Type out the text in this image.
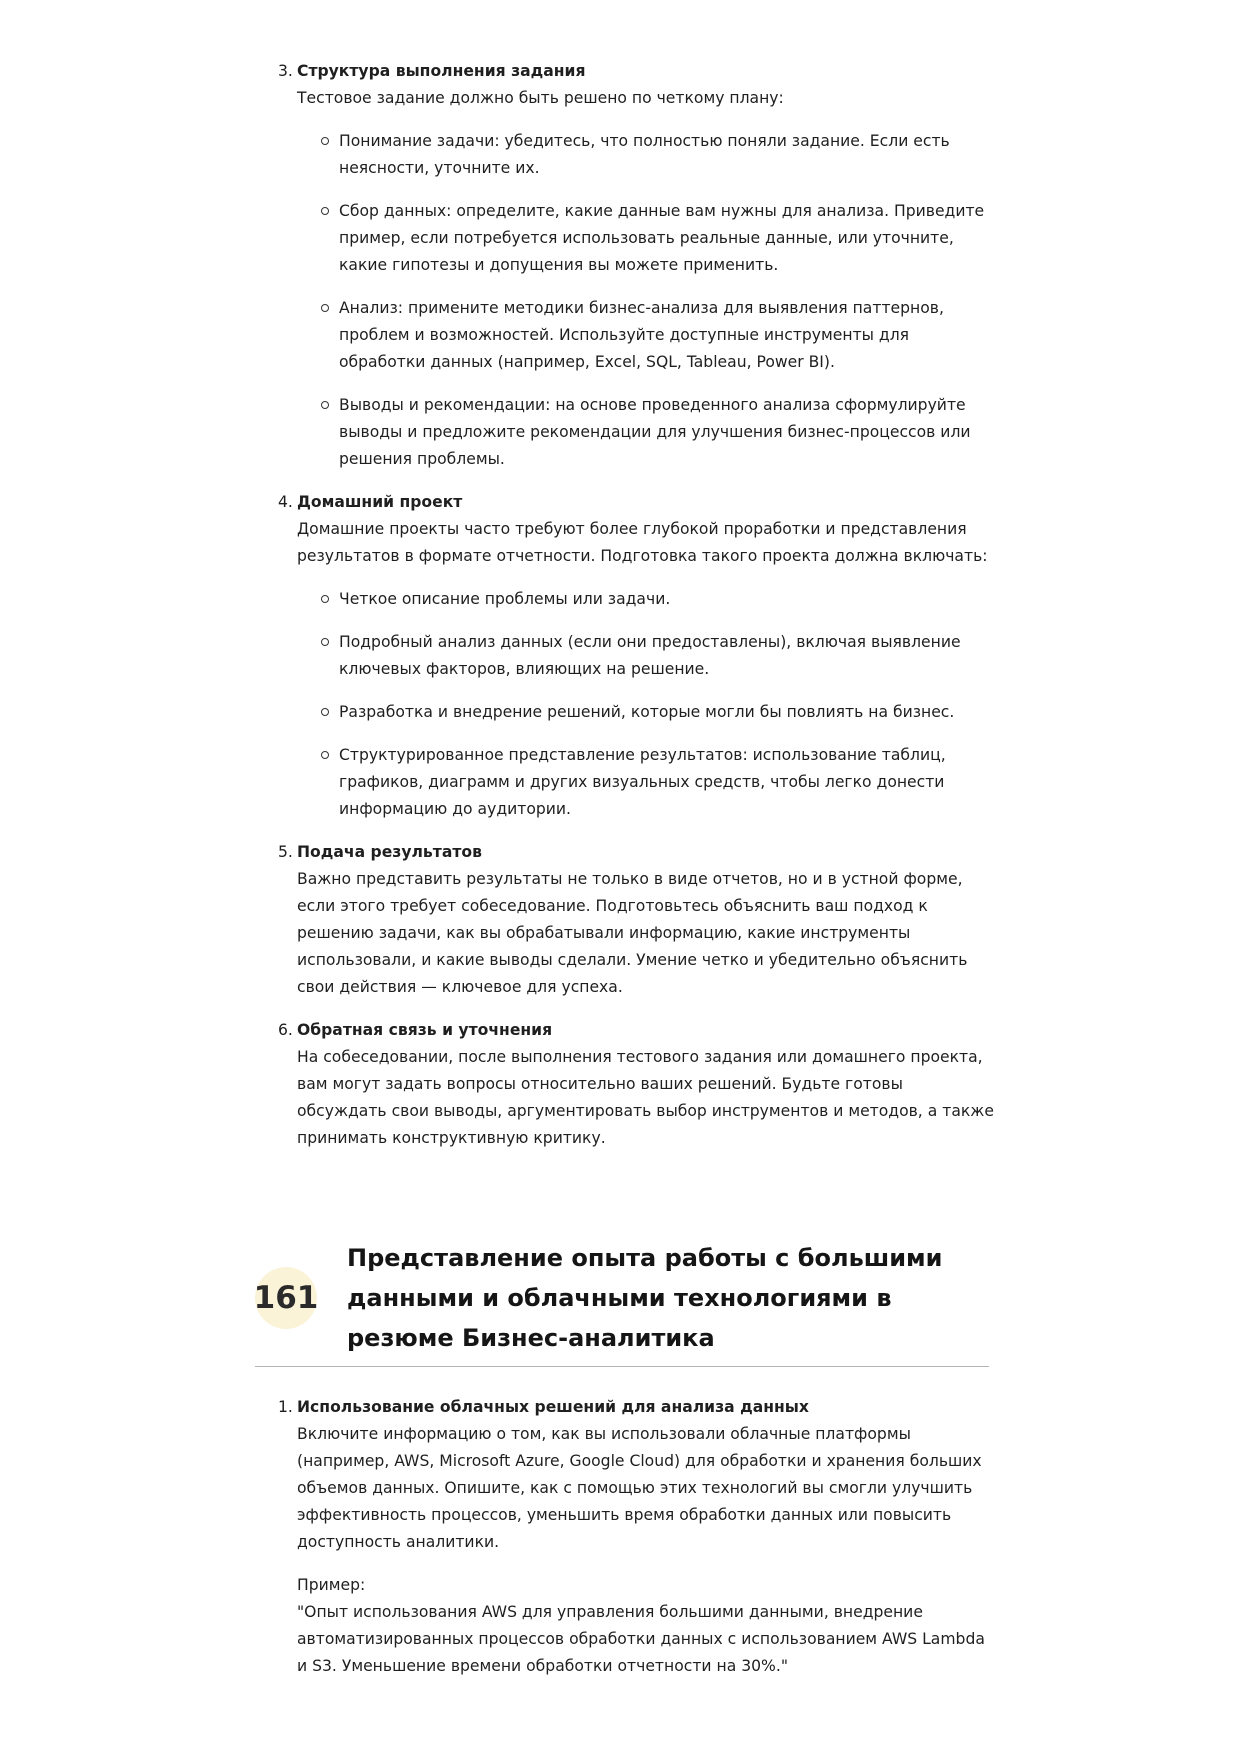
3. Структура выполнения задания

Тестовое задание должно быть решено по четкому плану:

Понимание задачи: убедитесь, что полностью поняли задание. Если есть неясности, уточните их.
Сбор данных: определите, какие данные вам нужны для анализа. Приведите пример, если потребуется использовать реальные данные, или уточните, какие гипотезы и допущения вы можете применить.
Анализ: примените методики бизнес-анализа для выявления паттернов, проблем и возможностей. Используйте доступные инструменты для обработки данных (например, Excel, SQL, Tableau, Power BI).
Выводы и рекомендации: на основе проведенного анализа сформулируйте выводы и предложите рекомендации для улучшения бизнес-процессов или решения проблемы.
4. Домашний проект

Домашние проекты часто требуют более глубокой проработки и представления результатов в формате отчетности. Подготовка такого проекта должна включать:

Четкое описание проблемы или задачи.
Подробный анализ данных (если они предоставлены), включая выявление ключевых факторов, влияющих на решение.
Разработка и внедрение решений, которые могли бы повлиять на бизнес.
Структурированное представление результатов: использование таблиц, графиков, диаграмм и других визуальных средств, чтобы легко донести информацию до аудитории.
5. Подача результатов

Важно представить результаты не только в виде отчетов, но и в устной форме, если этого требует собеседование. Подготовьтесь объяснить ваш подход к решению задачи, как вы обрабатывали информацию, какие инструменты использовали, и какие выводы сделали. Умение четко и убедительно объяснить свои действия — ключевое для успеха.

6. Обратная связь и уточнения

На собеседовании, после выполнения тестового задания или домашнего проекта, вам могут задать вопросы относительно ваших решений. Будьте готовы обсуждать свои выводы, аргументировать выбор инструментов и методов, а также принимать конструктивную критику.

161
Представление опыта работы с большими данными и облачными технологиями в резюме Бизнес-аналитика
1. Использование облачных решений для анализа данных

Включите информацию о том, как вы использовали облачные платформы (например, AWS, Microsoft Azure, Google Cloud) для обработки и хранения больших объемов данных. Опишите, как с помощью этих технологий вы смогли улучшить эффективность процессов, уменьшить время обработки данных или повысить доступность аналитики.

Пример:

"Опыт использования AWS для управления большими данными, внедрение автоматизированных процессов обработки данных с использованием AWS Lambda и S3. Уменьшение времени обработки отчетности на 30%."
